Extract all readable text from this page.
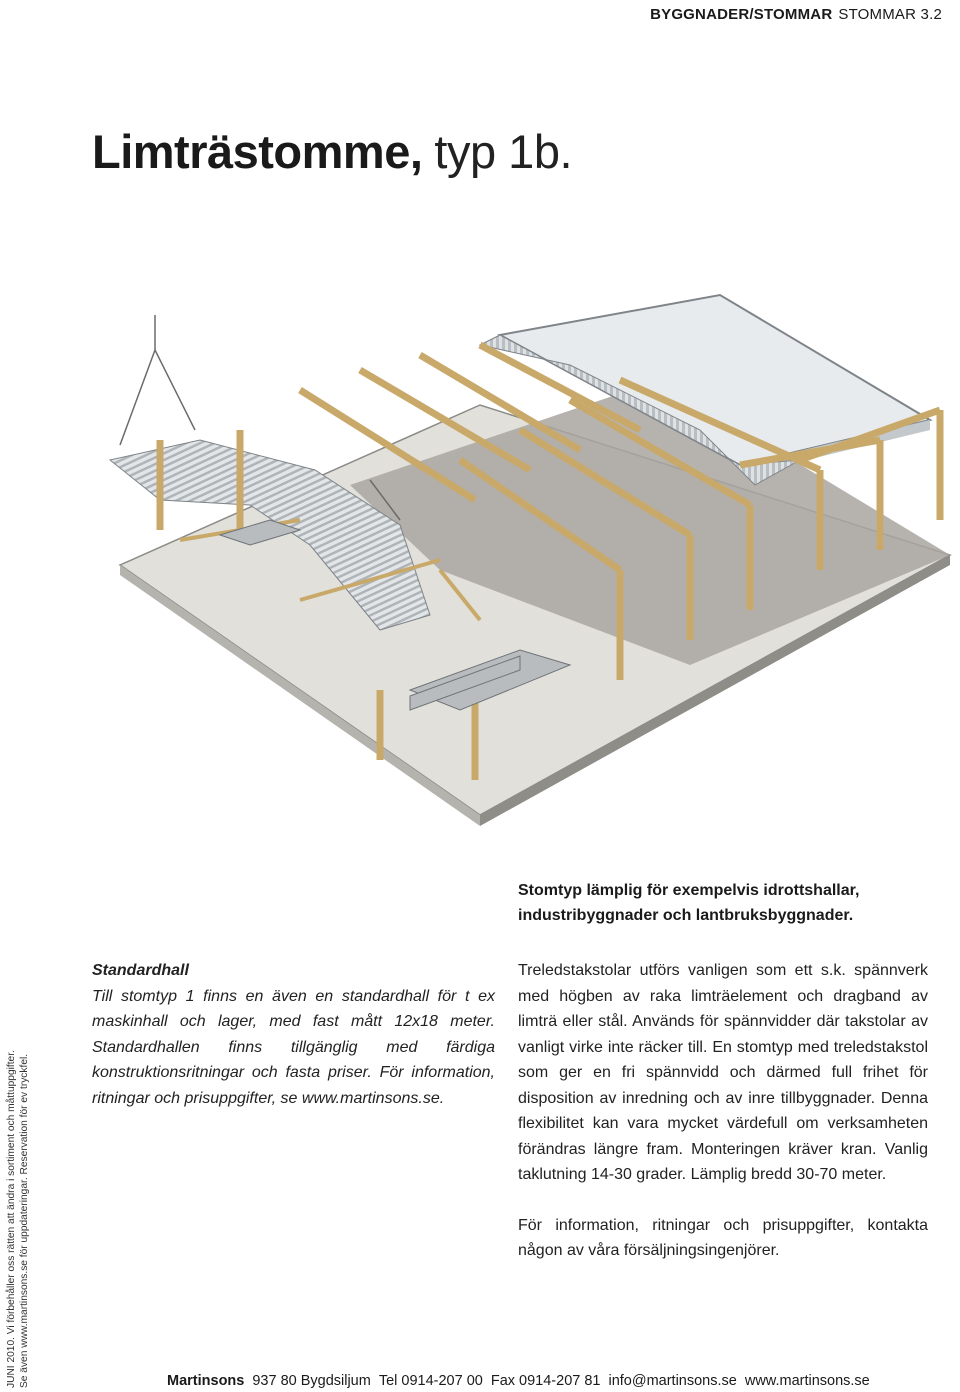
BYGGNADER/STOMMAR STOMMAR 3.2
Limträstomme, typ 1b.
Stomtyp lämplig för exempelvis idrottshallar, industribyggnader och lantbruksbyggnader.
Standardhall
Till stomtyp 1 finns en även en standardhall för t ex maskinhall och lager, med fast mått 12x18 meter. Standardhallen finns tillgänglig med färdiga konstruktionsritningar och fasta priser. För information, ritningar och prisuppgifter, se www.martinsons.se.

Treledstakstolar utförs vanligen som ett s.k. spännverk med högben av raka limträelement och dragband av limträ eller stål. Används för spännvidder där takstolar av vanligt virke inte räcker till. En stomtyp med treledstakstol som ger en fri spännvidd och därmed full frihet för disposition av inredning och av inre tillbyggnader. Denna flexibilitet kan vara mycket värdefull om verksamheten förändras längre fram. Monteringen kräver kran. Vanlig taklutning 14-30 grader. Lämplig bredd 30-70 meter.

För information, ritningar och prisuppgifter, kontakta någon av våra försäljningsingenjörer.

JUNI 2010. Vi förbehåller oss rätten att ändra i sortiment och måttuppgifter. Se även www.martinsons.se för uppdateringar. Reservation för ev tryckfel.	Martinsons 937 80 Bygdsiljum Tel 0914-207 00 Fax 0914-207 81 info@martinsons.se www.martinsons.se
